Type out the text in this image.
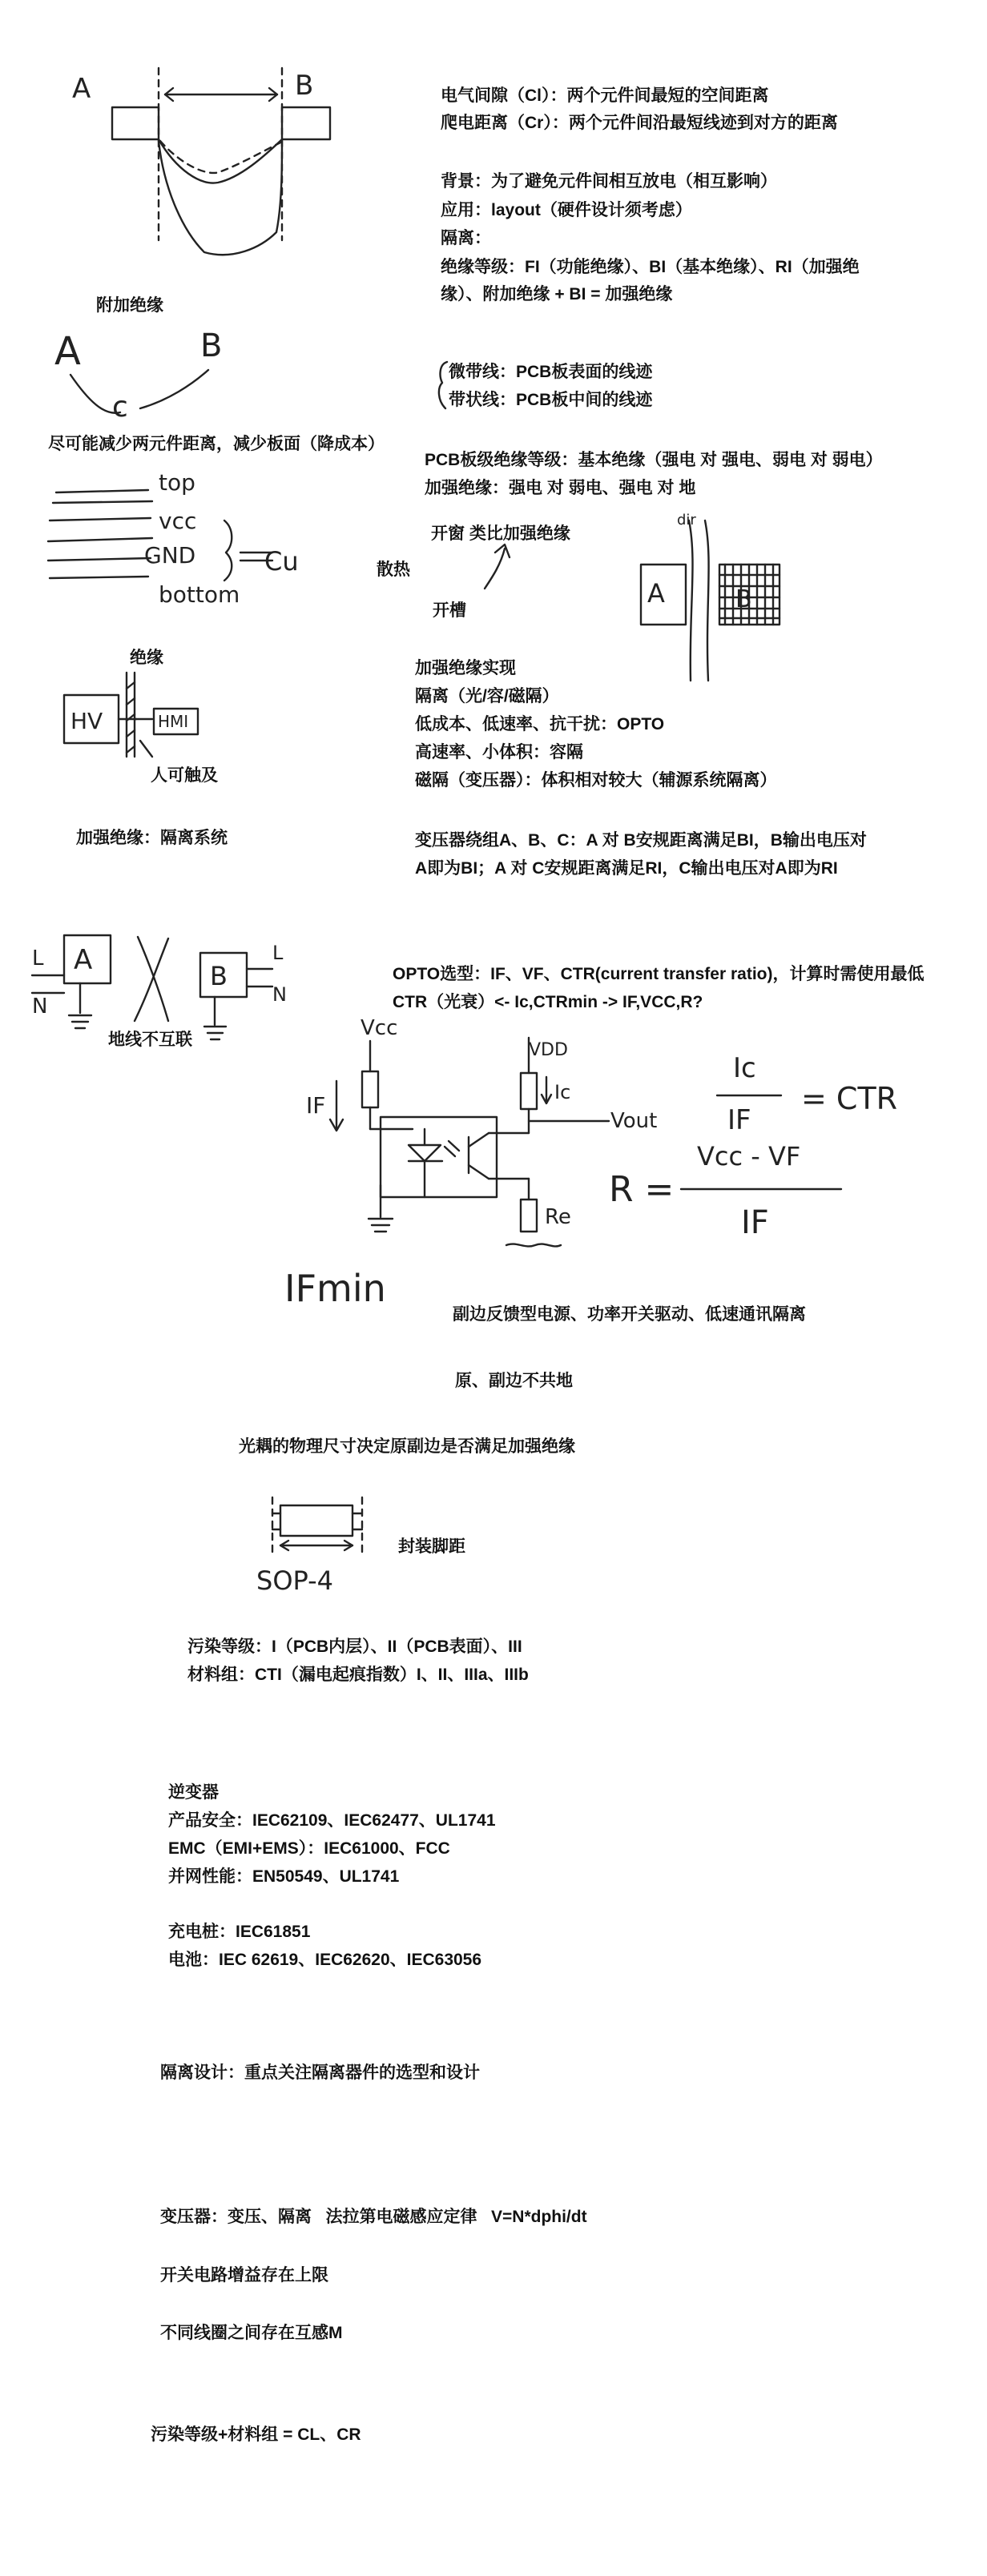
A	B
A	B
c
top
vcc
GND
bottom
Cu
HV	HMI
dir
A	B
A
L
N
B
L
N
Vcc
IF
VDD
Ic
Vout
Re
IFmin
Ic
IF
= CTR
R =
Vcc - VF
IF
SOP-4
电气间隙（Cl）：两个元件间最短的空间距离
爬电距离（Cr）：两个元件间沿最短线迹到对方的距离
背景：为了避免元件间相互放电（相互影响）
应用：layout（硬件设计须考虑）
隔离：
绝缘等级：FI（功能绝缘）、BI（基本绝缘）、RI（加强绝
缘）、附加绝缘 + BI = 加强绝缘
附加绝缘
微带线：PCB板表面的线迹
带状线：PCB板中间的线迹
尽可能减少两元件距离，减少板面（降成本）
PCB板级绝缘等级：基本绝缘（强电 对 强电、弱电 对 弱电）
加强绝缘：强电 对 弱电、强电 对 地
开窗 类比加强绝缘
散热
开槽
绝缘
加强绝缘实现
隔离（光/容/磁隔）
低成本、低速率、抗干扰：OPTO
高速率、小体积：容隔
磁隔（变压器）：体积相对较大（辅源系统隔离）
人可触及
加强绝缘：隔离系统	变压器绕组A、B、C：A 对 B安规距离满足BI，B输出电压对
A即为BI；A 对 C安规距离满足RI，C输出电压对A即为RI
OPTO选型：IF、VF、CTR(current transfer ratio)，计算时需使用最低
CTR（光衰）<- Ic,CTRmin -> IF,VCC,R?
地线不互联
副边反馈型电源、功率开关驱动、低速通讯隔离
原、副边不共地
光耦的物理尺寸决定原副边是否满足加强绝缘
封装脚距
污染等级：I（PCB内层）、II（PCB表面）、III
材料组：CTI（漏电起痕指数）I、II、IIIa、IIIb
逆变器
产品安全：IEC62109、IEC62477、UL1741
EMC（EMI+EMS）：IEC61000、FCC
并网性能：EN50549、UL1741
充电桩：IEC61851
电池：IEC 62619、IEC62620、IEC63056
隔离设计：重点关注隔离器件的选型和设计
变压器：变压、隔离   法拉第电磁感应定律   V=N*dphi/dt
开关电路增益存在上限
不同线圈之间存在互感M
污染等级+材料组 = CL、CR
